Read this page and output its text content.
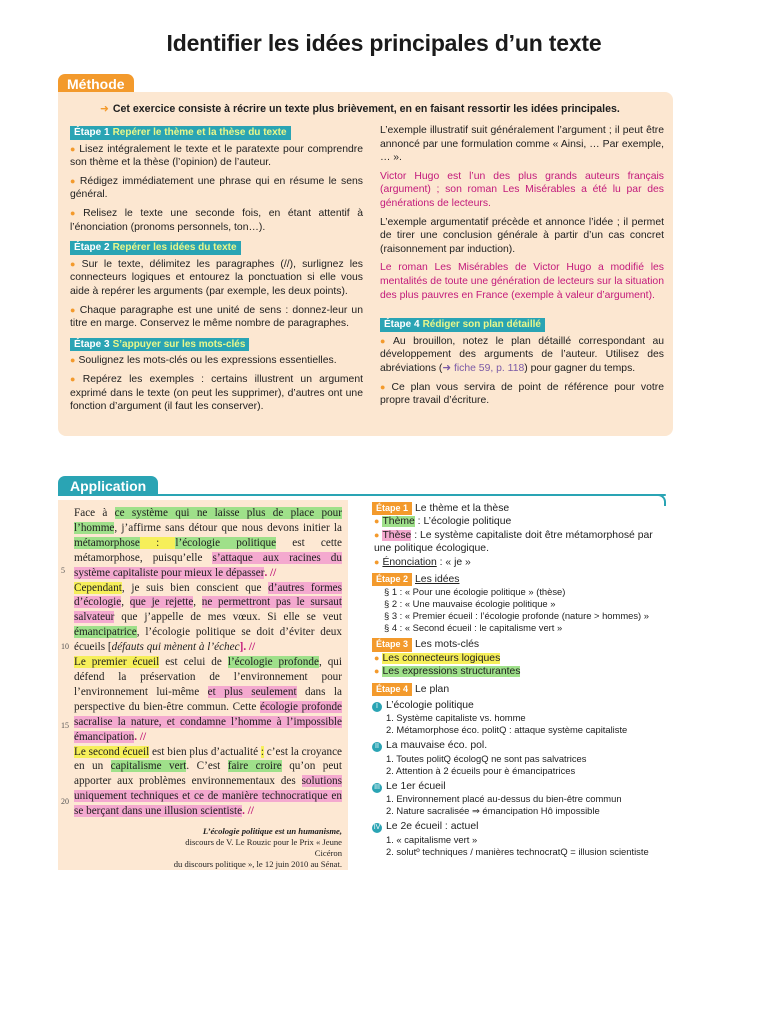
Identifier les idées principales d’un texte
Méthode
➜ Cet exercice consiste à récrire un texte plus brièvement, en en faisant ressortir les idées principales.
Étape 1 Repérer le thème et la thèse du texte

● Lisez intégralement le texte et le paratexte pour comprendre son thème et la thèse (l’opinion) de l’auteur.

● Rédigez immédiatement une phrase qui en résume le sens général.

● Relisez le texte une seconde fois, en étant attentif à l’énonciation (pronoms personnels, ton…).

Étape 2 Repérer les idées du texte

● Sur le texte, délimitez les paragraphes (//), surlignez les connecteurs logiques et entourez la ponctuation si elle vous aide à repérer les arguments (par exemple, les deux points).

● Chaque paragraphe est une unité de sens : donnez-leur un titre en marge. Conservez le même nombre de paragraphes.

Étape 3 S’appuyer sur les mots-clés

● Soulignez les mots-clés ou les expressions essentielles.

● Repérez les exemples : certains illustrent un argument exprimé dans le texte (on peut les supprimer), d’autres ont une fonction d’argument (il faut les conserver).

L’exemple illustratif suit généralement l’argument ; il peut être annoncé par une formulation comme « Ainsi, … Par exemple, … ».

Victor Hugo est l’un des plus grands auteurs français (argument) ; son roman Les Misérables a été lu par des générations de lecteurs.

L’exemple argumentatif précède et annonce l’idée ; il permet de tirer une conclusion générale à partir d’un cas concret (raisonnement par induction).

Le roman Les Misérables de Victor Hugo a modifié les mentalités de toute une génération de lecteurs sur la situation des plus pauvres en France (exemple à valeur d’argument).

Étape 4 Rédiger son plan détaillé

● Au brouillon, notez le plan détaillé correspondant au développement des arguments de l’auteur. Utilisez des abréviations (➜ fiche 59, p. 118) pour gagner du temps.

● Ce plan vous servira de point de référence pour votre propre travail d’écriture.

Application
5
10
15
20

Face à ce système qui ne laisse plus de place pour l’homme, j’affirme sans détour que nous devons initier la métamorphose : l’écologie politique est cette métamorphose, puisqu’elle s’attaque aux racines du système capitaliste pour mieux le dépasser. //

Cependant, je suis bien conscient que d’autres formes d’écologie, que je rejette, ne permettront pas le sursaut salvateur que j’appelle de mes vœux. Si elle se veut émancipatrice, l’écologie politique se doit d’éviter deux écueils [défauts qui mènent à l’échec]. //

Le premier écueil est celui de l’écologie profonde, qui défend la préservation de l’environnement pour l’environnement lui-même et plus seulement dans la perspective du bien-être commun. Cette écologie profonde sacralise la nature, et condamne l’homme à l’impossible émancipation. //

Le second écueil est bien plus d’actualité : c’est la croyance en un capitalisme vert. C’est faire croire qu’on peut apporter aux problèmes environnementaux des solutions uniquement techniques et ce de manière technocratique en se berçant dans une illusion scientiste. //

L’écologie politique est un humanisme,
discours de V. Le Rouzic pour le Prix « Jeune Cicéron
du discours politique », le 12 juin 2010 au Sénat.
Étape 1 Le thème et la thèse
● Thème : L’écologie politique
● Thèse : Le système capitaliste doit être métamorphosé par une politique écologique.
● Énonciation : « je »
Étape 2 Les idées
§ 1 : « Pour une écologie politique » (thèse)
§ 2 : « Une mauvaise écologie politique »
§ 3 : « Premier écueil : l’écologie profonde (nature > hommes) »
§ 4 : « Second écueil : le capitalisme vert »
Étape 3 Les mots-clés
● Les connecteurs logiques
● Les expressions structurantes
Étape 4 Le plan
I L’écologie politique
1. Système capitaliste vs. homme
2. Métamorphose éco. politQ : attaque système capitaliste
II La mauvaise éco. pol.
1. Toutes politQ écologQ ne sont pas salvatrices
2. Attention à 2 écueils pour è émancipatrices
III Le 1er écueil
1. Environnement placé au-dessus du bien-être commun
2. Nature sacralisée ⇒ émancipation Hô impossible
IV Le 2e écueil : actuel
1. « capitalisme vert »
2. solutº techniques / manières technocratQ = illusion scientiste
